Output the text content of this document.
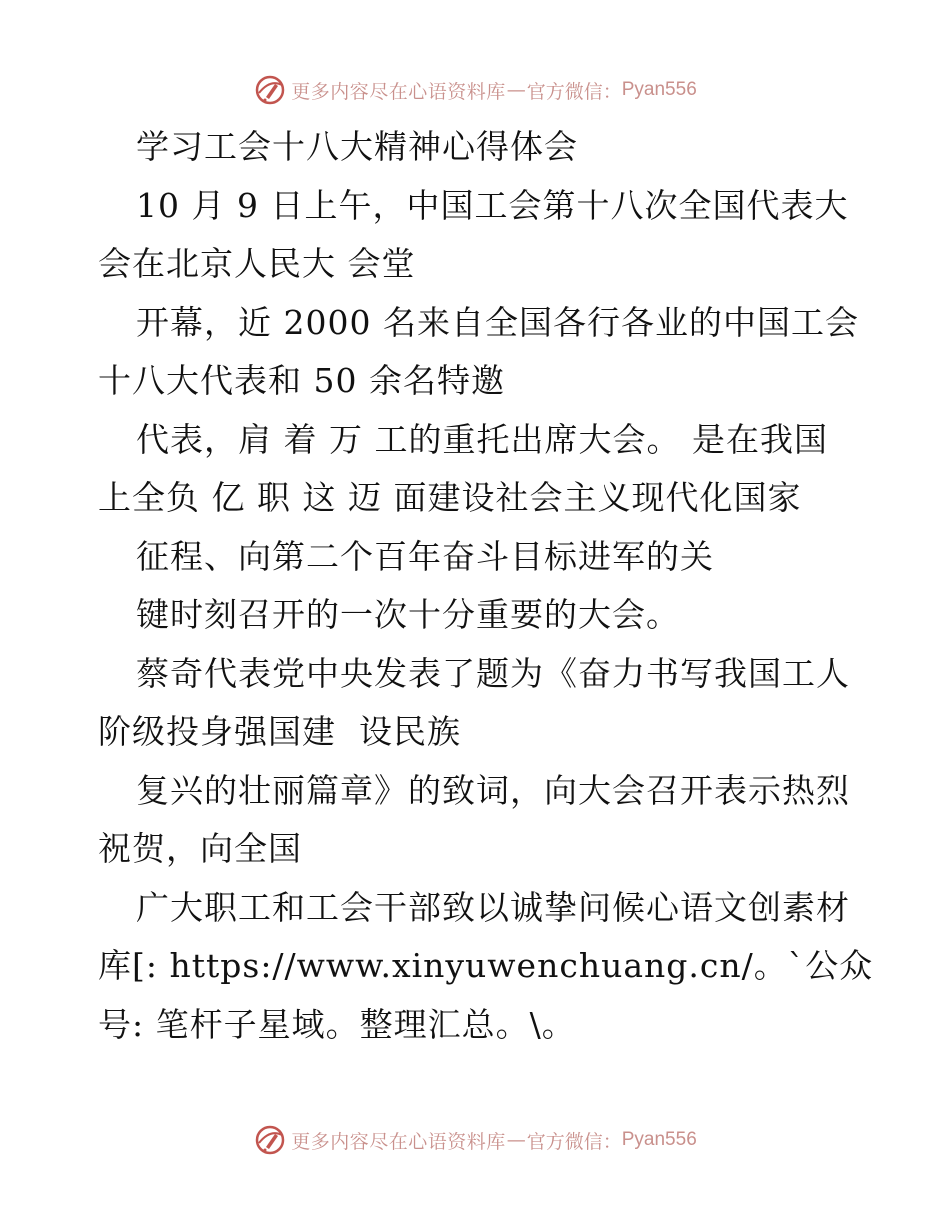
更多内容尽在心语资料库 — 官方微信： Pyan556
学习工会十八大精神心得体会
10 月 9 日上午，中国工会第十八次全国代表大
会在北京人民大 会堂
开幕，近 2000 名来自全国各行各业的中国工会
十八大代表和 50 余名特邀
代表，肩 着 万 工的重托出席大会。 是在我国
上全负 亿 职 这 迈 面建设社会主义现代化国家
征程、向第二个百年奋斗目标进军的关
键时刻召开的一次十分重要的大会。
蔡奇代表党中央发表了题为《奋力书写我国工人
阶级投身强国建  设民族
复兴的壮丽篇章》的致词，向大会召开表示热烈
祝贺，向全国
广大职工和工会干部致以诚挚问候心语文创素材
库[: https://www.xinyuwenchuang.cn/。`公众
号: 笔杆子星域。整理汇总。\。
更多内容尽在心语资料库 — 官方微信： Pyan556
